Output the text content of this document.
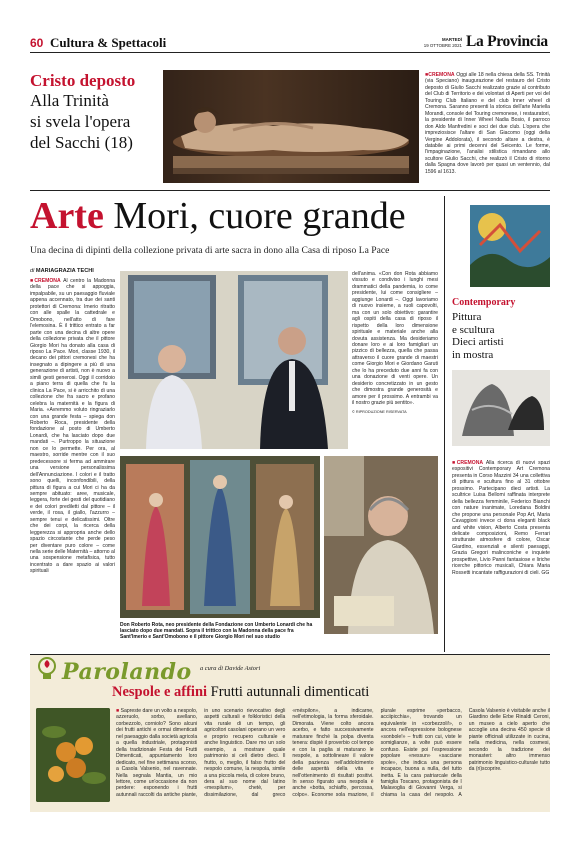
60 Cultura & Spettacoli	MARTEDÌ
19 OTTOBRE 2021 La Provincia
Cristo deposto
Alla Trinità
si svela l'opera
del Sacchi (18)
■ CREMONA Oggi alle 18 nella chiesa della SS. Trinità (via Speciano) inaugurazione del restauro del Cristo deposto di Giulio Sacchi realizzato grazie al contributo del Club di Territorio e dei volontari di Aperti per voi del Touring Club Italiano e del club Inner wheel di Cremona. Saranno presenti la storica dell'arte Mariella Morandi, console del Touring cremonese, i restauratori, la presidente di Inner Wheel Nadia Bosio, il parroco don Aldo Manfredini e soci dei due club. L'opera che impreziosisce l'altare di San Giacomo (oggi della Vergine Addolorata), il secondo altare a destra, è databile ai primi decenni del Seicento. Le forme, l'impaginazione, l'analisi stilistica rimandano allo scultore Giulio Sacchi, che realizzò il Cristo di ritorno dalla Spagna dove lavorò per quasi un ventennio, dal 1596 al 1613.
Arte Mori, cuore grande
Una decina di dipinti della collezione privata di arte sacra in dono alla Casa di riposo La Pace
di MARIAGRAZIA TECHI
■ CREMONA Al centro la Madonna della pace che si appoggia, impalpabile, su un paesaggio fluviale appena accennato, tra due dei santi protettori di Cremona: Imerio ritratto con alle spalle la cattedrale e Omobono, nell'atto di fare l'elemosina. È il trittico entrato a far parte con una decina di altre opere della collezione privata che il pittore Giorgio Mori ha donato alla casa di riposo La Pace. Mori, classe 1930, il decano dei pittori cremonesi che ha insegnato a dipingere a più di una generazione di artisti, non è nuovo a simili gesti generosi. Oggi il corridoio a piano terra di quella che fu la clinica La Pace, si è arricchito di una collezione che fra sacro e profano celebra la maternità e la figura di Maria. «Avremmo voluto ringraziarlo con una grande festa – spiega don Roberto Roca, presidente della fondazione al posto di Umberto Lonardi, che ha lasciato dopo due mandati –. Purtroppo la situazione non ce lo permette. Per ora, al maestro, sorride mentre con il suo predecessore si ferma ad ammirare una versione personalissima dell'Annunciazione. I colori e il tratto sono quelli, inconfondibili, della pittura di figura a cui Mori ci ha da sempre abituato: aree, musicale, leggera, forte dei gesti del quotidiano e dei colori prediletti dal pittore – il verde, il rosa, il giallo, l'azzurro – sempre tenui e delicatissimi. Oltre che dei corpi, la ricerca della leggerezza si appropria anche dello spazio circostante che perde peso per diventare puro colore – come nella serie delle Maternità – attorno al una sospensione metafisica, tutto incentrato a dare spazio ai valori spirituali
dell'anima. «Con don Rota abbiamo vissuto e condiviso i lunghi mesi drammatici della pandemia, io come presidente, lui come consigliere – aggiunge Lonardi –. Oggi lavoriamo di nuovo insieme, a ruoli capovolti, ma con un solo obiettivo: garantire agli ospiti della casa di riposo il rispetto della loro dimensione spirituale e materiale anche alla dovuta assistenza. Ma desideriamo donare loro e ai loro famigliari un pizzico di bellezza, quella che passa attraverso il cuore grande di maestri come Giorgio Mori e Giordano Garuti che lo ha preceduto due anni fa con una donazione di venti opere. Un desiderio concretizzato in un gesto che dimostra grande generosità e amore per il prossimo. A entrambi va il nostro grazie più sentito».
© RIPRODUZIONE RISERVATA
Don Roberto Rota, neo presidente della Fondazione con Umberto Lonardi che ha lasciato dopo due mandati. Sopra il trittico con la Madonna della pace fra Sant'Imerio e Sant'Omobono e il pittore Giorgio Mori nel suo studio
Contemporary
Pittura
e scultura
Dieci artisti
in mostra
■ CREMONA Alla ricerca di nuovi spazi espositivi Contemporary Art Cremona presenta in Corso Mazzini 34 una collettiva di pittura e scultura fino al 31 ottobre prossimo. Partecipano dieci artisti. La scultrice Luisa Bellomi raffinata interprete della bellezza femminile, Federico Bianchi con nature inanimate, Loredana Boldini che propone una personale Pop Art, Maria Cavaggioni invece ci dona eleganti black and white vision, Alberto Costa presenta delicate composizioni, Remo Ferrari strutturate atmosfere di colore, Oscar Giardino, essenziali e silenti paesaggi, Grazia Gregori malinconiche e inquiete prospettive, Livio Panni fantasiose e liriche ricerche pittorico musicali, Chiara Maria Rossetti incantate raffigurazioni di cieli. GG
Parolando a cura di Davide Astori
Nespole e affini Frutti autunnali dimenticati
■ Sapreste dare un volto a nespolo, azzeruolo, sorbo, avellano, corbezzolo, corniolo? Sono alcuni dei frutti antichi e ormai dimenticati nel paesaggio dalla società agricola a quella industriale, protagonisti della tradizionale Festa dei Frutti Dimenticati, appuntamento loro dedicato, nel fine settimana scorso, a Casola Valsenio, nel ravennate. Nella segnala Mantia, un mio lettore, come un'occasione da non perdere: esponendo i frutti autunnali raccolti da antiche piante, in uno scenario rievocativo degli aspetti culturali e folkloristici della vita rurale di un tempo, gli agricoltori casolani operano un vero e proprio recupero culturale e anche linguistico. Dare mo un solo esempio, a mostrare quale patrimonio si celi dietro dieci. Il frutto, o, meglio, il falso frutto del nespolo comune, la nespola, simile a una piccola mela, di colore bruno, dera al suo nome dal latino «mespilum», chetè, per dissimilazione, dal greco «méspilon», a indicarne, nell'etimologia, la forma sferoidale. Dimorata. Viene colto ancora acerbo, e fatto successivamente maturare finché la polpa diventa tenera: dispiè il proverbio col tempo e con la paglia si maturano le nespole, a sottolineare il valore della pazienza nell'addolcimento delle asperità della vita e nell'ottenimento di risultati positivi. In senso figurato una nespola è anche «botta, schiaffo, percossa, colpo». Econome sola mazione, il plurale esprime «perbacco, acciipicchia», trovando un equivalente in «corbezzoli!», o ancora nell'espressione bolognese «sonbole!» – frutti con cui, viste le somiglianze, a volte può essere confuso. Esiste poi l'espressione popolare «nessun» «sacciane spole», che indica una persona incapace, buona a nulla, del tutto inetta. E la cara patriarcale della famiglia Toscano, protagonista de I Malavoglia di Giovanni Verga, si chiama la casa del nespolo. A Casola Valsenio è visitabile anche il Giardino delle Erbe Rinaldi Ceroni, un museo a cielo aperto che accoglie una decina 450 specie di piante officinali utilizzate in cucina, nella medicina, nella cosmesi, secondo la tradizione dei monasteri: altro immenso patrimonio linguistico-culturale tutto da (ri)scoprire.
